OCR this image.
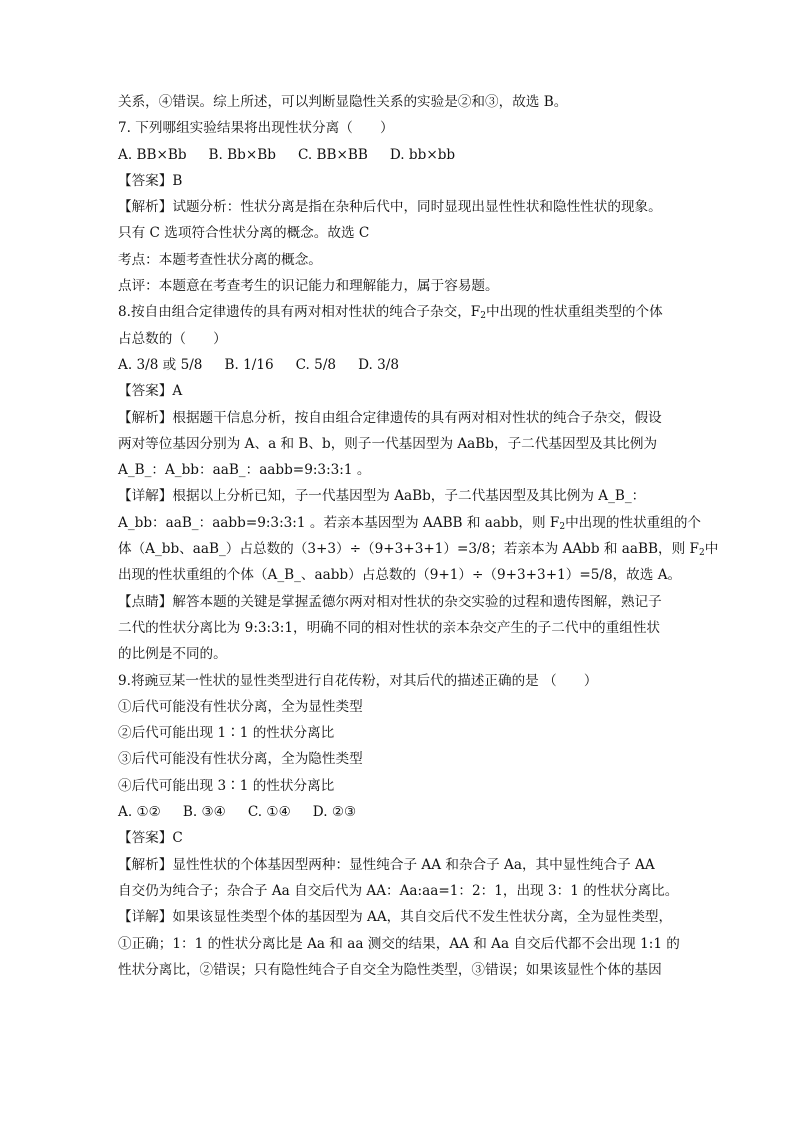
关系，④错误。综上所述，可以判断显隐性关系的实验是②和③，故选 B。
7. 下列哪组实验结果将出现性状分离（　　）
A. BB×Bb B. Bb×Bb C. BB×BB D. bb×bb
【答案】B
【解析】试题分析：性状分离是指在杂种后代中，同时显现出显性性状和隐性性状的现象。
只有 C 选项符合性状分离的概念。故选 C
考点：本题考查性状分离的概念。
点评：本题意在考查考生的识记能力和理解能力，属于容易题。
8.按自由组合定律遗传的具有两对相对性状的纯合子杂交，$F_2$中出现的性状重组类型的个体
占总数的（　　）
A. 3/8 或 5/8 B. 1/16 C. 5/8 D. 3/8
【答案】A
【解析】根据题干信息分析，按自由组合定律遗传的具有两对相对性状的纯合子杂交，假设
两对等位基因分别为 A、a 和 B、b，则子一代基因型为 AaBb，子二代基因型及其比例为
A_B_：A_bb：aaB_：aabb=9:3:3:1 。
【详解】根据以上分析已知，子一代基因型为 AaBb，子二代基因型及其比例为 A_B_：
A_bb：aaB_：aabb=9:3:3:1 。若亲本基因型为 AABB 和 aabb，则 $F_2$中出现的性状重组的个
体（A_bb、aaB_）占总数的（3+3）÷（9+3+3+1）=3/8；若亲本为 AAbb 和 aaBB，则 $F_2$中
出现的性状重组的个体（A_B_、aabb）占总数的（9+1）÷（9+3+3+1）=5/8，故选 A。
【点睛】解答本题的关键是掌握孟德尔两对相对性状的杂交实验的过程和遗传图解，熟记子
二代的性状分离比为 9:3:3:1，明确不同的相对性状的亲本杂交产生的子二代中的重组性状
的比例是不同的。
9.将豌豆某一性状的显性类型进行自花传粉，对其后代的描述正确的是 （　　）
①后代可能没有性状分离，全为显性类型
②后代可能出现 1∶1 的性状分离比
③后代可能没有性状分离，全为隐性类型
④后代可能出现 3∶1 的性状分离比
A. ①② B. ③④ C. ①④ D. ②③
【答案】C
【解析】显性性状的个体基因型两种：显性纯合子 AA 和杂合子 Aa，其中显性纯合子 AA
自交仍为纯合子；杂合子 Aa 自交后代为 AA：Aa:aa=1：2：1，出现 3：1 的性状分离比。
【详解】如果该显性类型个体的基因型为 AA，其自交后代不发生性状分离，全为显性类型，
①正确；1：1 的性状分离比是 Aa 和 aa 测交的结果，AA 和 Aa 自交后代都不会出现 1:1 的
性状分离比，②错误；只有隐性纯合子自交全为隐性类型，③错误；如果该显性个体的基因
